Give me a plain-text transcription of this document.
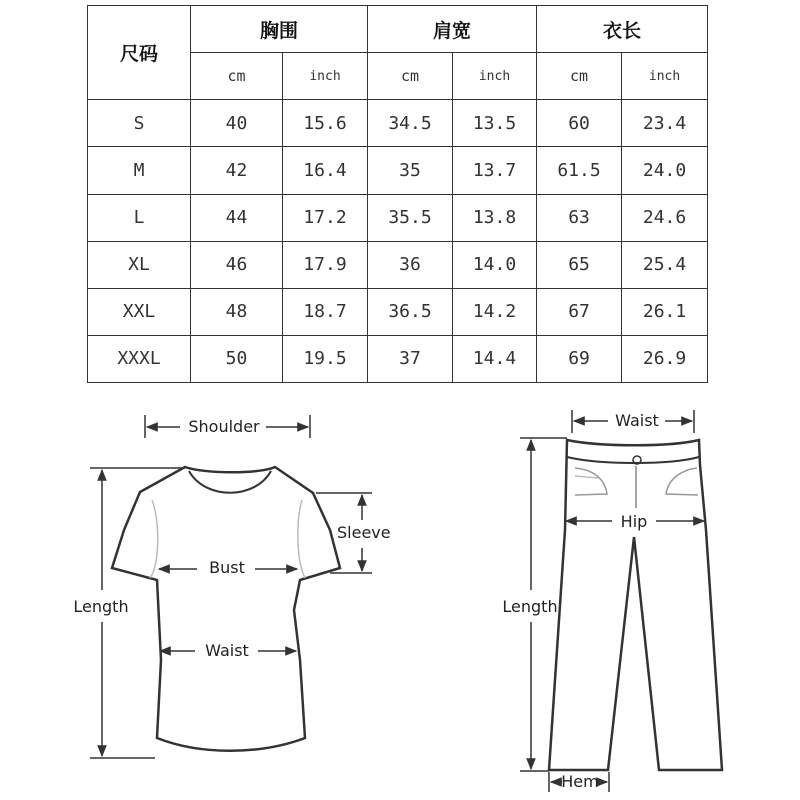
尺码	胸围		肩宽		衣长	
	cm	inch	cm	inch	cm	inch
S	40	15.6	34.5	13.5	60	23.4
M	42	16.4	35	13.7	61.5	24.0
L	44	17.2	35.5	13.8	63	24.6
XL	46	17.9	36	14.0	65	25.4
XXL	48	18.7	36.5	14.2	67	26.1
XXXL	50	19.5	37	14.4	69	26.9
Shoulder
Sleeve
Bust
Length
Waist
Waist
Hip
Length
Hem
